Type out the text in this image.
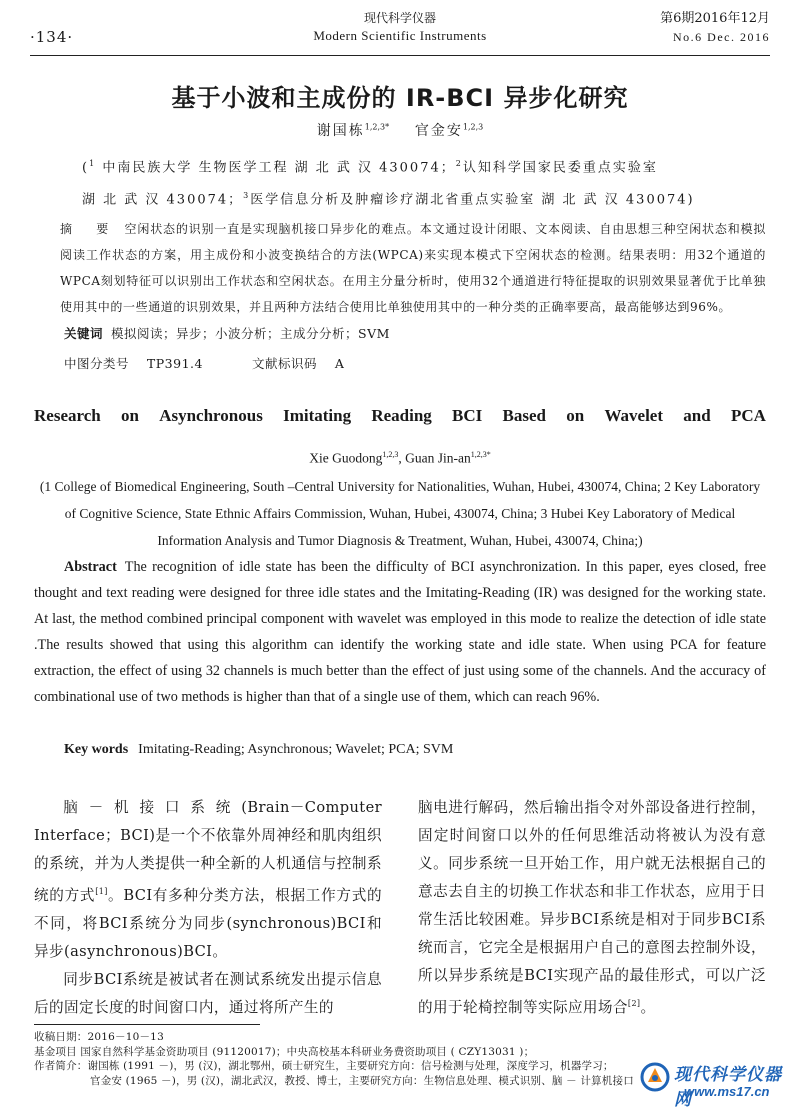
·134·
现代科学仪器
Modern Scientific Instruments
第6期2016年12月
No.6 Dec. 2016
基于小波和主成份的 IR-BCI 异步化研究
谢国栋$^{1,2,3*}$ 官金安$^{1,2,3}$
($^1$ 中南民族大学 生物医学工程 湖 北 武 汉 430074；$^2$认知科学国家民委重点实验室
湖 北 武 汉 430074；$^3$医学信息分析及肿瘤诊疗湖北省重点实验室 湖 北 武 汉 430074)
摘 要 空闲状态的识别一直是实现脑机接口异步化的难点。本文通过设计闭眼、文本阅读、自由思想三种空闲状态和模拟阅读工作状态的方案，用主成份和小波变换结合的方法(WPCA)来实现本模式下空闲状态的检测。结果表明：用32个通道的WPCA刻划特征可以识别出工作状态和空闲状态。在用主分量分析时，使用32个通道进行特征提取的识别效果显著优于比单独使用其中的一些通道的识别效果，并且两种方法结合使用比单独使用其中的一种分类的正确率要高，最高能够达到96%。
关键词 模拟阅读；异步；小波分析；主成分分析；SVM
中图分类号 TP391.4	文献标识码 A
Research on Asynchronous Imitating Reading BCI Based on Wavelet and PCA
Xie Guodong$^{1,2,3}$, Guan Jin-$an^{1,2,3*}$
(1 College of Biomedical Engineering, South –Central University for Nationalities, Wuhan, Hubei, 430074, China; 2 Key Laboratory of Cognitive Science, State Ethnic Affairs Commission, Wuhan, Hubei, 430074, China; 3 Hubei Key Laboratory of Medical Information Analysis and Tumor Diagnosis & Treatment, Wuhan, Hubei, 430074, China;)
Abstract The recognition of idle state has been the difficulty of BCI asynchronization. In this paper, eyes closed, free thought and text reading were designed for three idle states and the Imitating-Reading (IR) was designed for the working state. At last, the method combined principal component with wavelet was employed in this mode to realize the detection of idle state .The results showed that using this algorithm can identify the working state and idle state. When using PCA for feature extraction, the effect of using 32 channels is much better than the effect of just using some of the channels. And the accuracy of combinational use of two methods is higher than that of a single use of them, which can reach 96%.
Key words Imitating-Reading; Asynchronous; Wavelet; PCA; SVM

脑－机接口系统(Brain－Computer Interface；BCI)是一个不依靠外周神经和肌肉组织的系统，并为人类提供一种全新的人机通信与控制系统的方式[1]。BCI有多种分类方法，根据工作方式的不同，将BCI系统分为同步(synchronous)BCI和异步(asynchronous)BCI。

同步BCI系统是被试者在测试系统发出提示信息后的固定长度的时间窗口内，通过将所产生的

脑电进行解码，然后输出指令对外部设备进行控制，固定时间窗口以外的任何思维活动将被认为没有意义。同步系统一旦开始工作，用户就无法根据自己的意志去自主的切换工作状态和非工作状态，应用于日常生活比较困难。异步BCI系统是相对于同步BCI系统而言，它完全是根据用户自己的意图去控制外设，所以异步系统是BCI实现产品的最佳形式，可以广泛的用于轮椅控制等实际应用场合[2]。

收稿日期：2016－10－13
基金项目 国家自然科学基金资助项目 (91120017)；中央高校基本科研业务费资助项目 ( CZY13031 )；
作者简介：谢国栋 (1991 －)，男 (汉)，湖北鄂州，硕士研究生，主要研究方向：信号检测与处理，深度学习，机器学习；
官金安 (1965 －)，男 (汉)，湖北武汉，教授、博士，主要研究方向：生物信息处理、模式识别、脑 － 计算机接口	现代科学仪器网
www.ms17.cn
